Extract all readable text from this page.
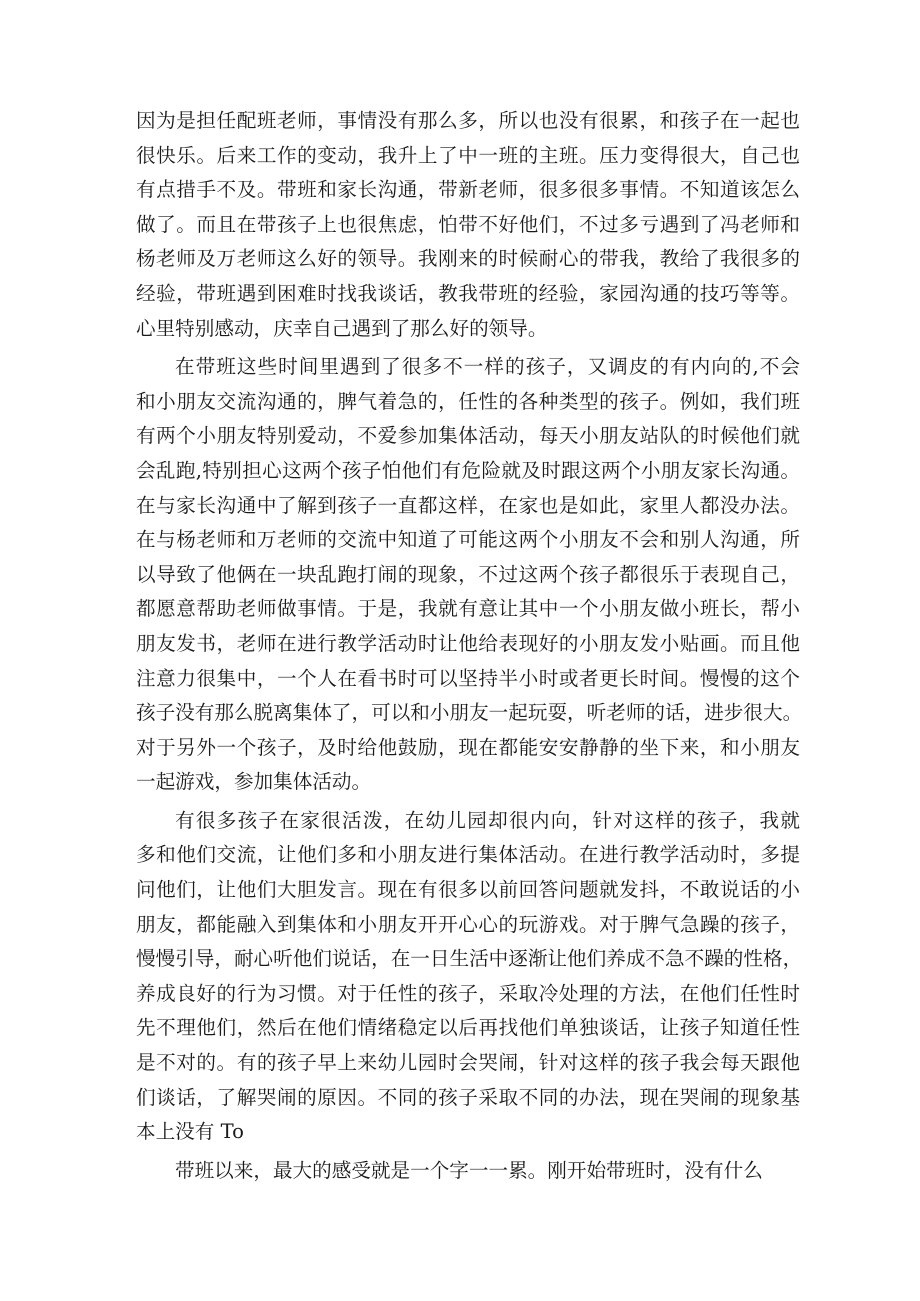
因为是担任配班老师，事情没有那么多，所以也没有很累，和孩子在一起也
很快乐。后来工作的变动，我升上了中一班的主班。压力变得很大，自己也
有点措手不及。带班和家长沟通，带新老师，很多很多事情。不知道该怎么
做了。而且在带孩子上也很焦虑，怕带不好他们，不过多亏遇到了冯老师和
杨老师及万老师这么好的领导。我刚来的时候耐心的带我，教给了我很多的
经验，带班遇到困难时找我谈话，教我带班的经验，家园沟通的技巧等等。
心里特别感动，庆幸自己遇到了那么好的领导。
在带班这些时间里遇到了很多不一样的孩子，又调皮的有内向的,不会
和小朋友交流沟通的，脾气着急的，任性的各种类型的孩子。例如，我们班
有两个小朋友特别爱动，不爱参加集体活动，每天小朋友站队的时候他们就
会乱跑,特别担心这两个孩子怕他们有危险就及时跟这两个小朋友家长沟通。
在与家长沟通中了解到孩子一直都这样，在家也是如此，家里人都没办法。
在与杨老师和万老师的交流中知道了可能这两个小朋友不会和别人沟通，所
以导致了他俩在一块乱跑打闹的现象，不过这两个孩子都很乐于表现自己，
都愿意帮助老师做事情。于是，我就有意让其中一个小朋友做小班长，帮小
朋友发书，老师在进行教学活动时让他给表现好的小朋友发小贴画。而且他
注意力很集中，一个人在看书时可以坚持半小时或者更长时间。慢慢的这个
孩子没有那么脱离集体了，可以和小朋友一起玩耍，听老师的话，进步很大。
对于另外一个孩子，及时给他鼓励，现在都能安安静静的坐下来，和小朋友
一起游戏，参加集体活动。
有很多孩子在家很活泼，在幼儿园却很内向，针对这样的孩子，我就
多和他们交流，让他们多和小朋友进行集体活动。在进行教学活动时，多提
问他们，让他们大胆发言。现在有很多以前回答问题就发抖，不敢说话的小
朋友，都能融入到集体和小朋友开开心心的玩游戏。对于脾气急躁的孩子，
慢慢引导，耐心听他们说话，在一日生活中逐渐让他们养成不急不躁的性格，
养成良好的行为习惯。对于任性的孩子，采取冷处理的方法，在他们任性时
先不理他们，然后在他们情绪稳定以后再找他们单独谈话，让孩子知道任性
是不对的。有的孩子早上来幼儿园时会哭闹，针对这样的孩子我会每天跟他
们谈话，了解哭闹的原因。不同的孩子采取不同的办法，现在哭闹的现象基
本上没有 To
带班以来，最大的感受就是一个字一一累。刚开始带班时，没有什么
